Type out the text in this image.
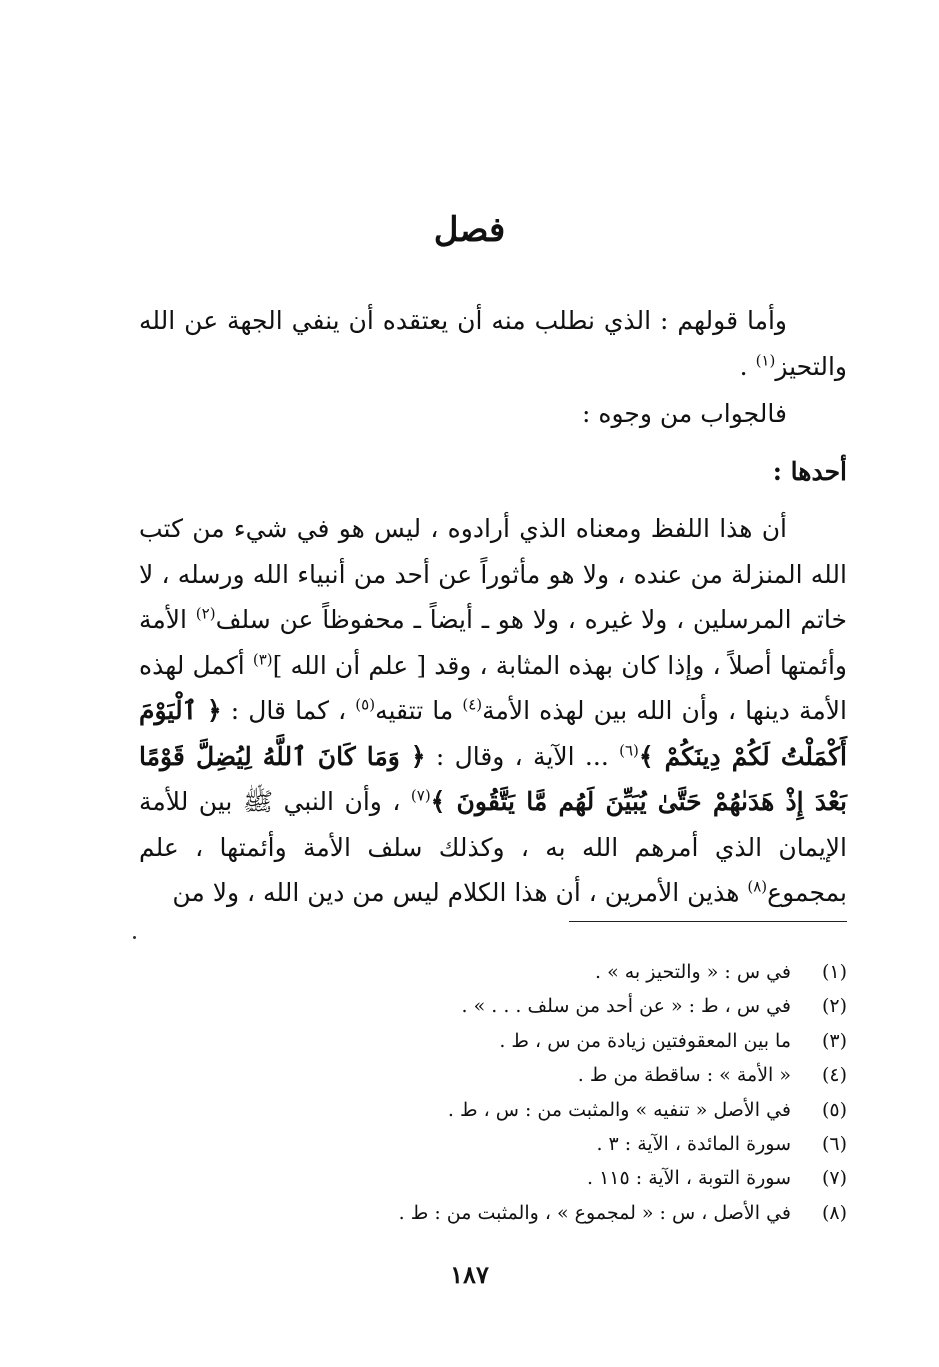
فصل

وأما قولهم : الذي نطلب منه أن يعتقده أن ينفي الجهة عن الله والتحيز$^{(١)}$ .

فالجواب من وجوه :

أحدها :

أن هذا اللفظ ومعناه الذي أرادوه ، ليس هو في شيء من كتب الله المنزلة من عنده ، ولا هو مأثوراً عن أحد من أنبياء الله ورسله ، لا خاتم المرسلين ، ولا غيره ، ولا هو ـ أيضاً ـ محفوظاً عن سلف$^{(٢)}$ الأمة وأئمتها أصلاً ، وإذا كان بهذه المثابة ، وقد [ علم أن الله ]$^{(٣)}$ أكمل لهذه الأمة دينها ، وأن الله بين لهذه الأمة$^{(٤)}$ ما تتقيه$^{(٥)}$ ، كما قال : ﴿ ٱلْيَوْمَ أَكْمَلْتُ لَكُمْ دِينَكُمْ ﴾$^{(٦)}$ ... الآية ، وقال : ﴿ وَمَا كَانَ ٱللَّهُ لِيُضِلَّ قَوْمًا بَعْدَ إِذْ هَدَىٰهُمْ حَتَّىٰ يُبَيِّنَ لَهُم مَّا يَتَّقُونَ ﴾$^{(٧)}$ ، وأن النبي ﷺ بين للأمة الإيمان الذي أمرهم الله به ، وكذلك سلف الأمة وأئمتها ، علم بمجموع$^{(٨)}$ هذين الأمرين ، أن هذا الكلام ليس من دين الله ، ولا من

(١)
في س : « والتحيز به » .
(٢)
في س ، ط : « عن أحد من سلف . . . » .
(٣)
ما بين المعقوفتين زيادة من س ، ط .
(٤)
« الأمة » : ساقطة من ط .
(٥)
في الأصل « تنفيه » والمثبت من : س ، ط .
(٦)
سورة المائدة ، الآية : ٣ .
(٧)
سورة التوبة ، الآية : ١١٥ .
(٨)
في الأصل ، س : « لمجموع » ، والمثبت من : ط .
١٨٧
